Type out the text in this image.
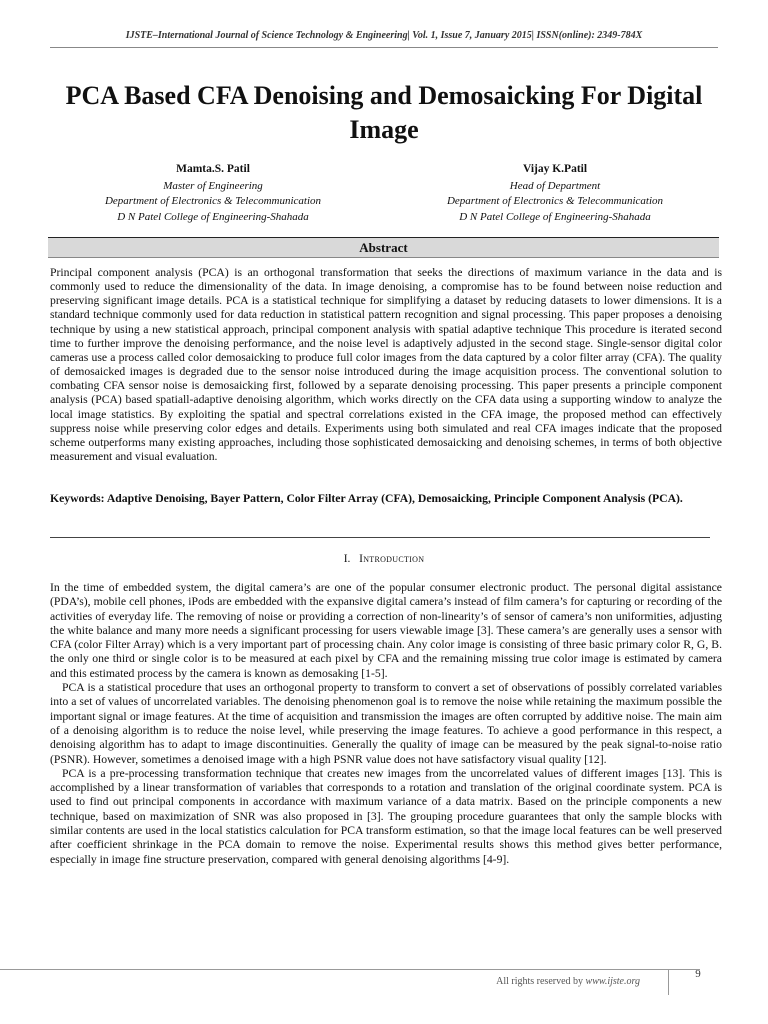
IJSTE–International Journal of Science Technology & Engineering| Vol. 1, Issue 7, January 2015| ISSN(online): 2349-784X
PCA Based CFA Denoising and Demosaicking For Digital Image
Mamta.S. Patil
Master of Engineering
Department of Electronics & Telecommunication
D N Patel College of Engineering-Shahada
Vijay K.Patil
Head of Department
Department of Electronics & Telecommunication
D N Patel College of Engineering-Shahada
Abstract

Principal component analysis (PCA) is an orthogonal transformation that seeks the directions of maximum variance in the data and is commonly used to reduce the dimensionality of the data. In image denoising, a compromise has to be found between noise reduction and preserving significant image details. PCA is a statistical technique for simplifying a dataset by reducing datasets to lower dimensions. It is a standard technique commonly used for data reduction in statistical pattern recognition and signal processing. This paper proposes a denoising technique by using a new statistical approach, principal component analysis with spatial adaptive technique This procedure is iterated second time to further improve the denoising performance, and the noise level is adaptively adjusted in the second stage. Single-sensor digital color cameras use a process called color demosaicking to produce full color images from the data captured by a color filter array (CFA). The quality of demosaicked images is degraded due to the sensor noise introduced during the image acquisition process. The conventional solution to combating CFA sensor noise is demosaicking first, followed by a separate denoising processing. This paper presents a principle component analysis (PCA) based spatiall-adaptive denoising algorithm, which works directly on the CFA data using a supporting window to analyze the local image statistics. By exploiting the spatial and spectral correlations existed in the CFA image, the proposed method can effectively suppress noise while preserving color edges and details. Experiments using both simulated and real CFA images indicate that the proposed scheme outperforms many existing approaches, including those sophisticated demosaicking and denoising schemes, in terms of both objective measurement and visual evaluation.

Keywords: Adaptive Denoising, Bayer Pattern, Color Filter Array (CFA), Demosaicking, Principle Component Analysis (PCA).

I. Introduction

In the time of embedded system, the digital camera’s are one of the popular consumer electronic product. The personal digital assistance (PDA’s), mobile cell phones, iPods are embedded with the expansive digital camera’s instead of film camera’s for capturing or recording of the activities of everyday life. The removing of noise or providing a correction of non-linearity’s of sensor of camera’s non uniformities, adjusting the white balance and many more needs a significant processing for users viewable image [3]. These camera’s are generally uses a sensor with CFA (color Filter Array) which is a very important part of processing chain. Any color image is consisting of three basic primary color R, G, B. the only one third or single color is to be measured at each pixel by CFA and the remaining missing true color image is estimated by camera and this estimated process by the camera is known as demosaking [1-5].

PCA is a statistical procedure that uses an orthogonal property to transform to convert a set of observations of possibly correlated variables into a set of values of uncorrelated variables. The denoising phenomenon goal is to remove the noise while retaining the maximum possible the important signal or image features. At the time of acquisition and transmission the images are often corrupted by additive noise. The main aim of a denoising algorithm is to reduce the noise level, while preserving the image features. To achieve a good performance in this respect, a denoising algorithm has to adapt to image discontinuities. Generally the quality of image can be measured by the peak signal-to-noise ratio (PSNR). However, sometimes a denoised image with a high PSNR value does not have satisfactory visual quality [12].

PCA is a pre-processing transformation technique that creates new images from the uncorrelated values of different images [13]. This is accomplished by a linear transformation of variables that corresponds to a rotation and translation of the original coordinate system. PCA is used to find out principal components in accordance with maximum variance of a data matrix. Based on the principle components a new technique, based on maximization of SNR was also proposed in [3]. The grouping procedure guarantees that only the sample blocks with similar contents are used in the local statistics calculation for PCA transform estimation, so that the image local features can be well preserved after coefficient shrinkage in the PCA domain to remove the noise. Experimental results shows this method gives better performance, especially in image fine structure preservation, compared with general denoising algorithms [4-9].

All rights reserved by www.ijste.org
9
